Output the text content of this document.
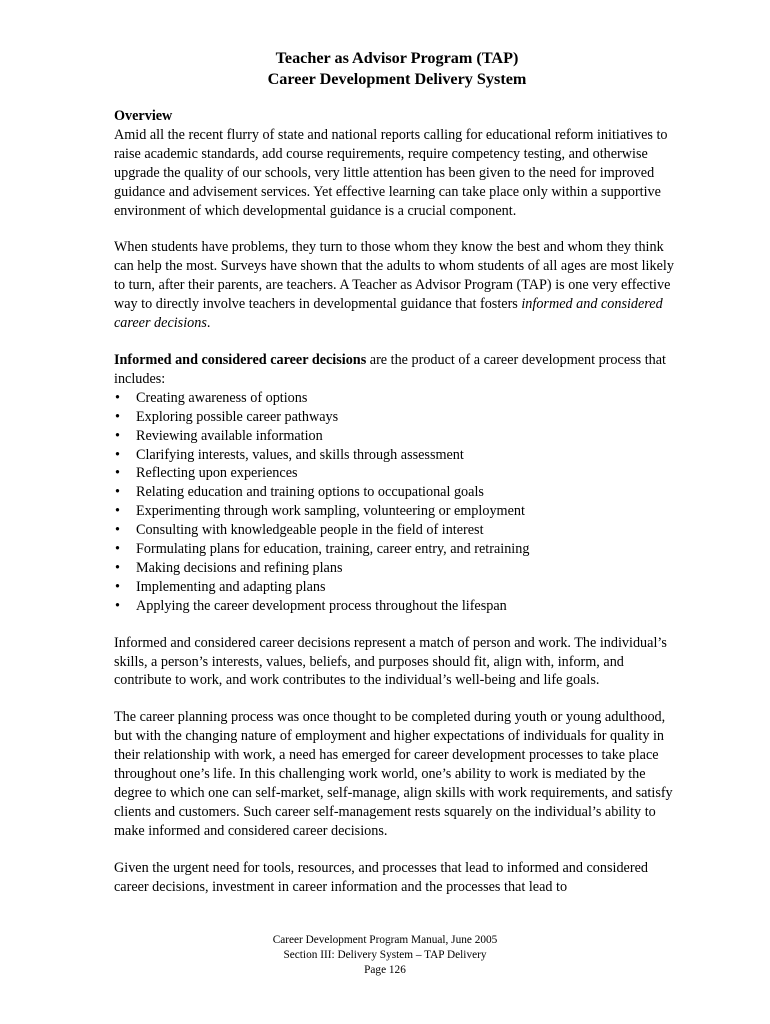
Teacher as Advisor Program (TAP)
Career Development Delivery System
Overview

Amid all the recent flurry of state and national reports calling for educational reform initiatives to raise academic standards, add course requirements, require competency testing, and otherwise upgrade the quality of our schools, very little attention has been given to the need for improved guidance and advisement services. Yet effective learning can take place only within a supportive environment of which developmental guidance is a crucial component.

When students have problems, they turn to those whom they know the best and whom they think can help the most. Surveys have shown that the adults to whom students of all ages are most likely to turn, after their parents, are teachers. A Teacher as Advisor Program (TAP) is one very effective way to directly involve teachers in developmental guidance that fosters informed and considered career decisions.

Informed and considered career decisions are the product of a career development process that includes:

• Creating awareness of options
• Exploring possible career pathways
• Reviewing available information
• Clarifying interests, values, and skills through assessment
• Reflecting upon experiences
• Relating education and training options to occupational goals
• Experimenting through work sampling, volunteering or employment
• Consulting with knowledgeable people in the field of interest
• Formulating plans for education, training, career entry, and retraining
• Making decisions and refining plans
• Implementing and adapting plans
• Applying the career development process throughout the lifespan

Informed and considered career decisions represent a match of person and work. The individual’s skills, a person’s interests, values, beliefs, and purposes should fit, align with, inform, and contribute to work, and work contributes to the individual’s well-being and life goals.

The career planning process was once thought to be completed during youth or young adulthood, but with the changing nature of employment and higher expectations of individuals for quality in their relationship with work, a need has emerged for career development processes to take place throughout one’s life. In this challenging work world, one’s ability to work is mediated by the degree to which one can self-market, self-manage, align skills with work requirements, and satisfy clients and customers. Such career self-management rests squarely on the individual’s ability to make informed and considered career decisions.

Given the urgent need for tools, resources, and processes that lead to informed and considered career decisions, investment in career information and the processes that lead to

Career Development Program Manual, June 2005
Section III: Delivery System – TAP Delivery
Page 126
